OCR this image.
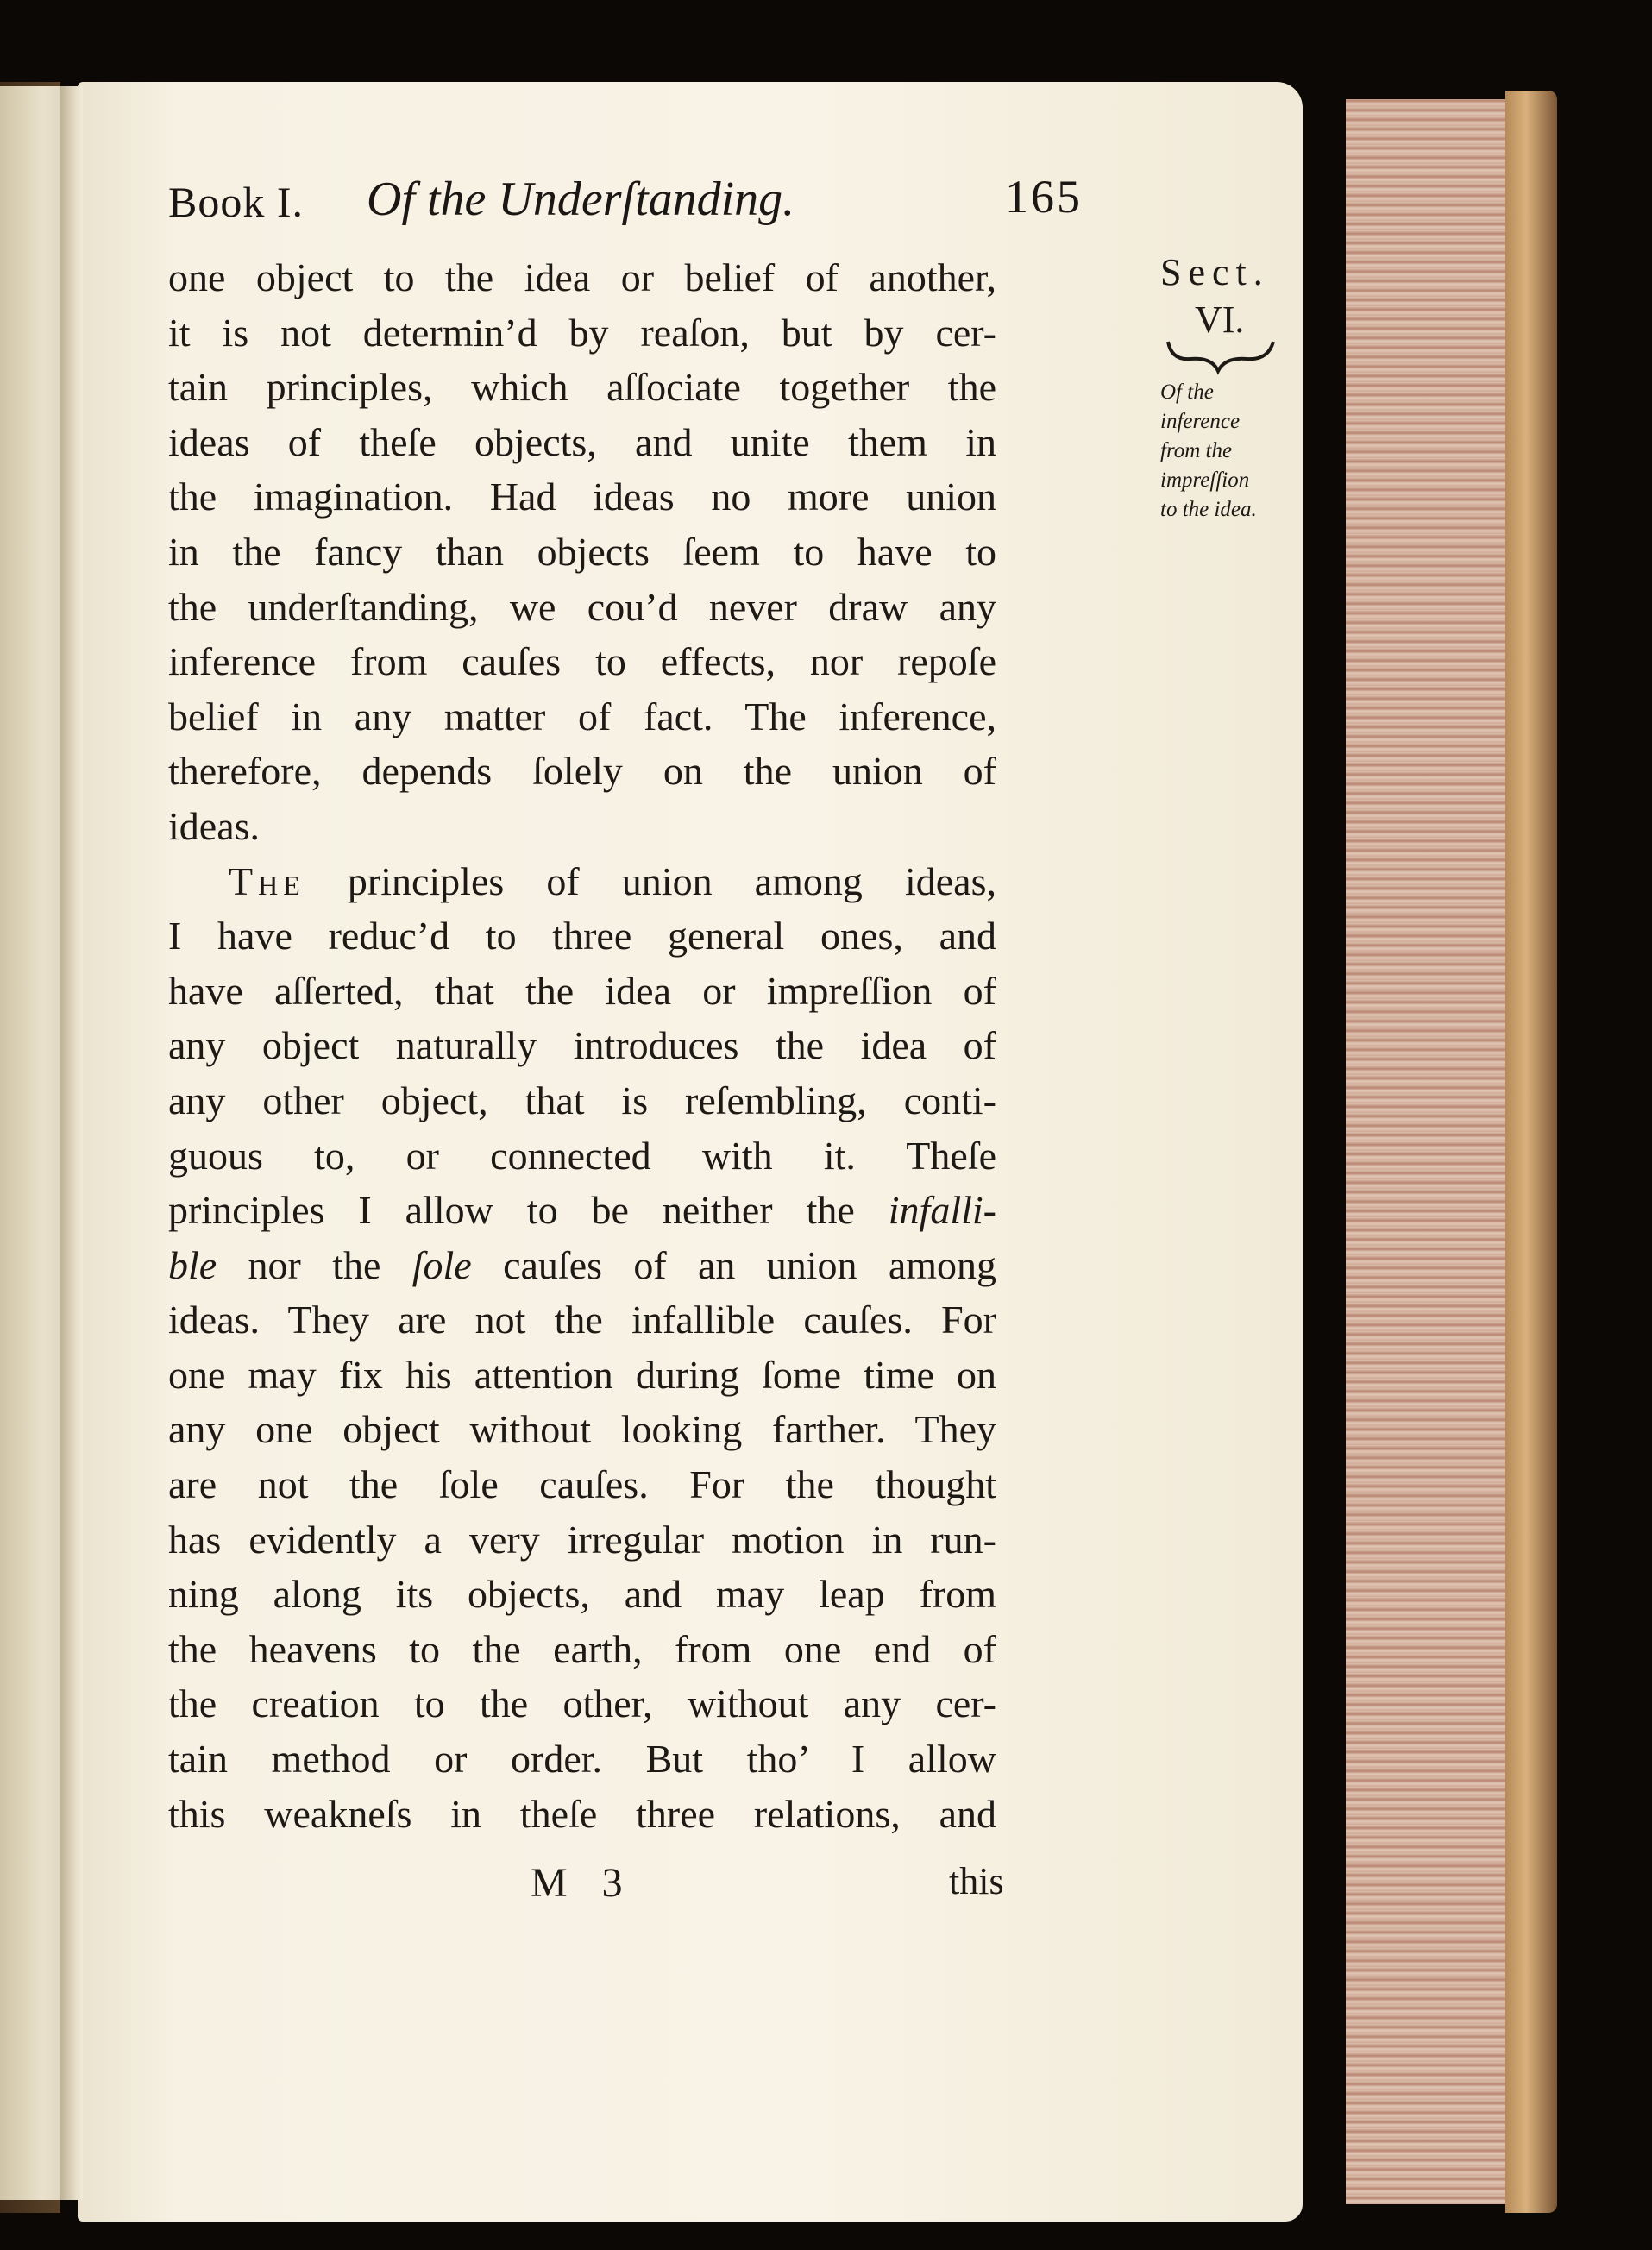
Book I. Of the Underſtanding.	165
one object to the idea or belief of another,
it is not determin’d by reaſon, but by cer-
tain principles, which aſſociate together the
ideas of theſe objects, and unite them in
the imagination. Had ideas no more union
in the fancy than objects ſeem to have to
the underſtanding, we cou’d never draw any
inference from cauſes to effects, nor repoſe
belief in any matter of fact. The inference,
therefore, depends ſolely on the union of
ideas.
The principles of union among ideas,
I have reduc’d to three general ones, and
have aſſerted, that the idea or impreſſion of
any object naturally introduces the idea of
any other object, that is reſembling, conti-
guous to, or connected with it. Theſe
principles I allow to be neither the infalli-
ble nor the ſole cauſes of an union among
ideas. They are not the infallible cauſes. For
one may fix his attention during ſome time on
any one object without looking farther. They
are not the ſole cauſes. For the thought
has evidently a very irregular motion in run-
ning along its objects, and may leap from
the heavens to the earth, from one end of
the creation to the other, without any cer-
tain method or order. But tho’ I allow
this weakneſs in theſe three relations, and
Sect.
VI.
Of the
inference
from the
impreſſion
to the idea.
M 3	this
